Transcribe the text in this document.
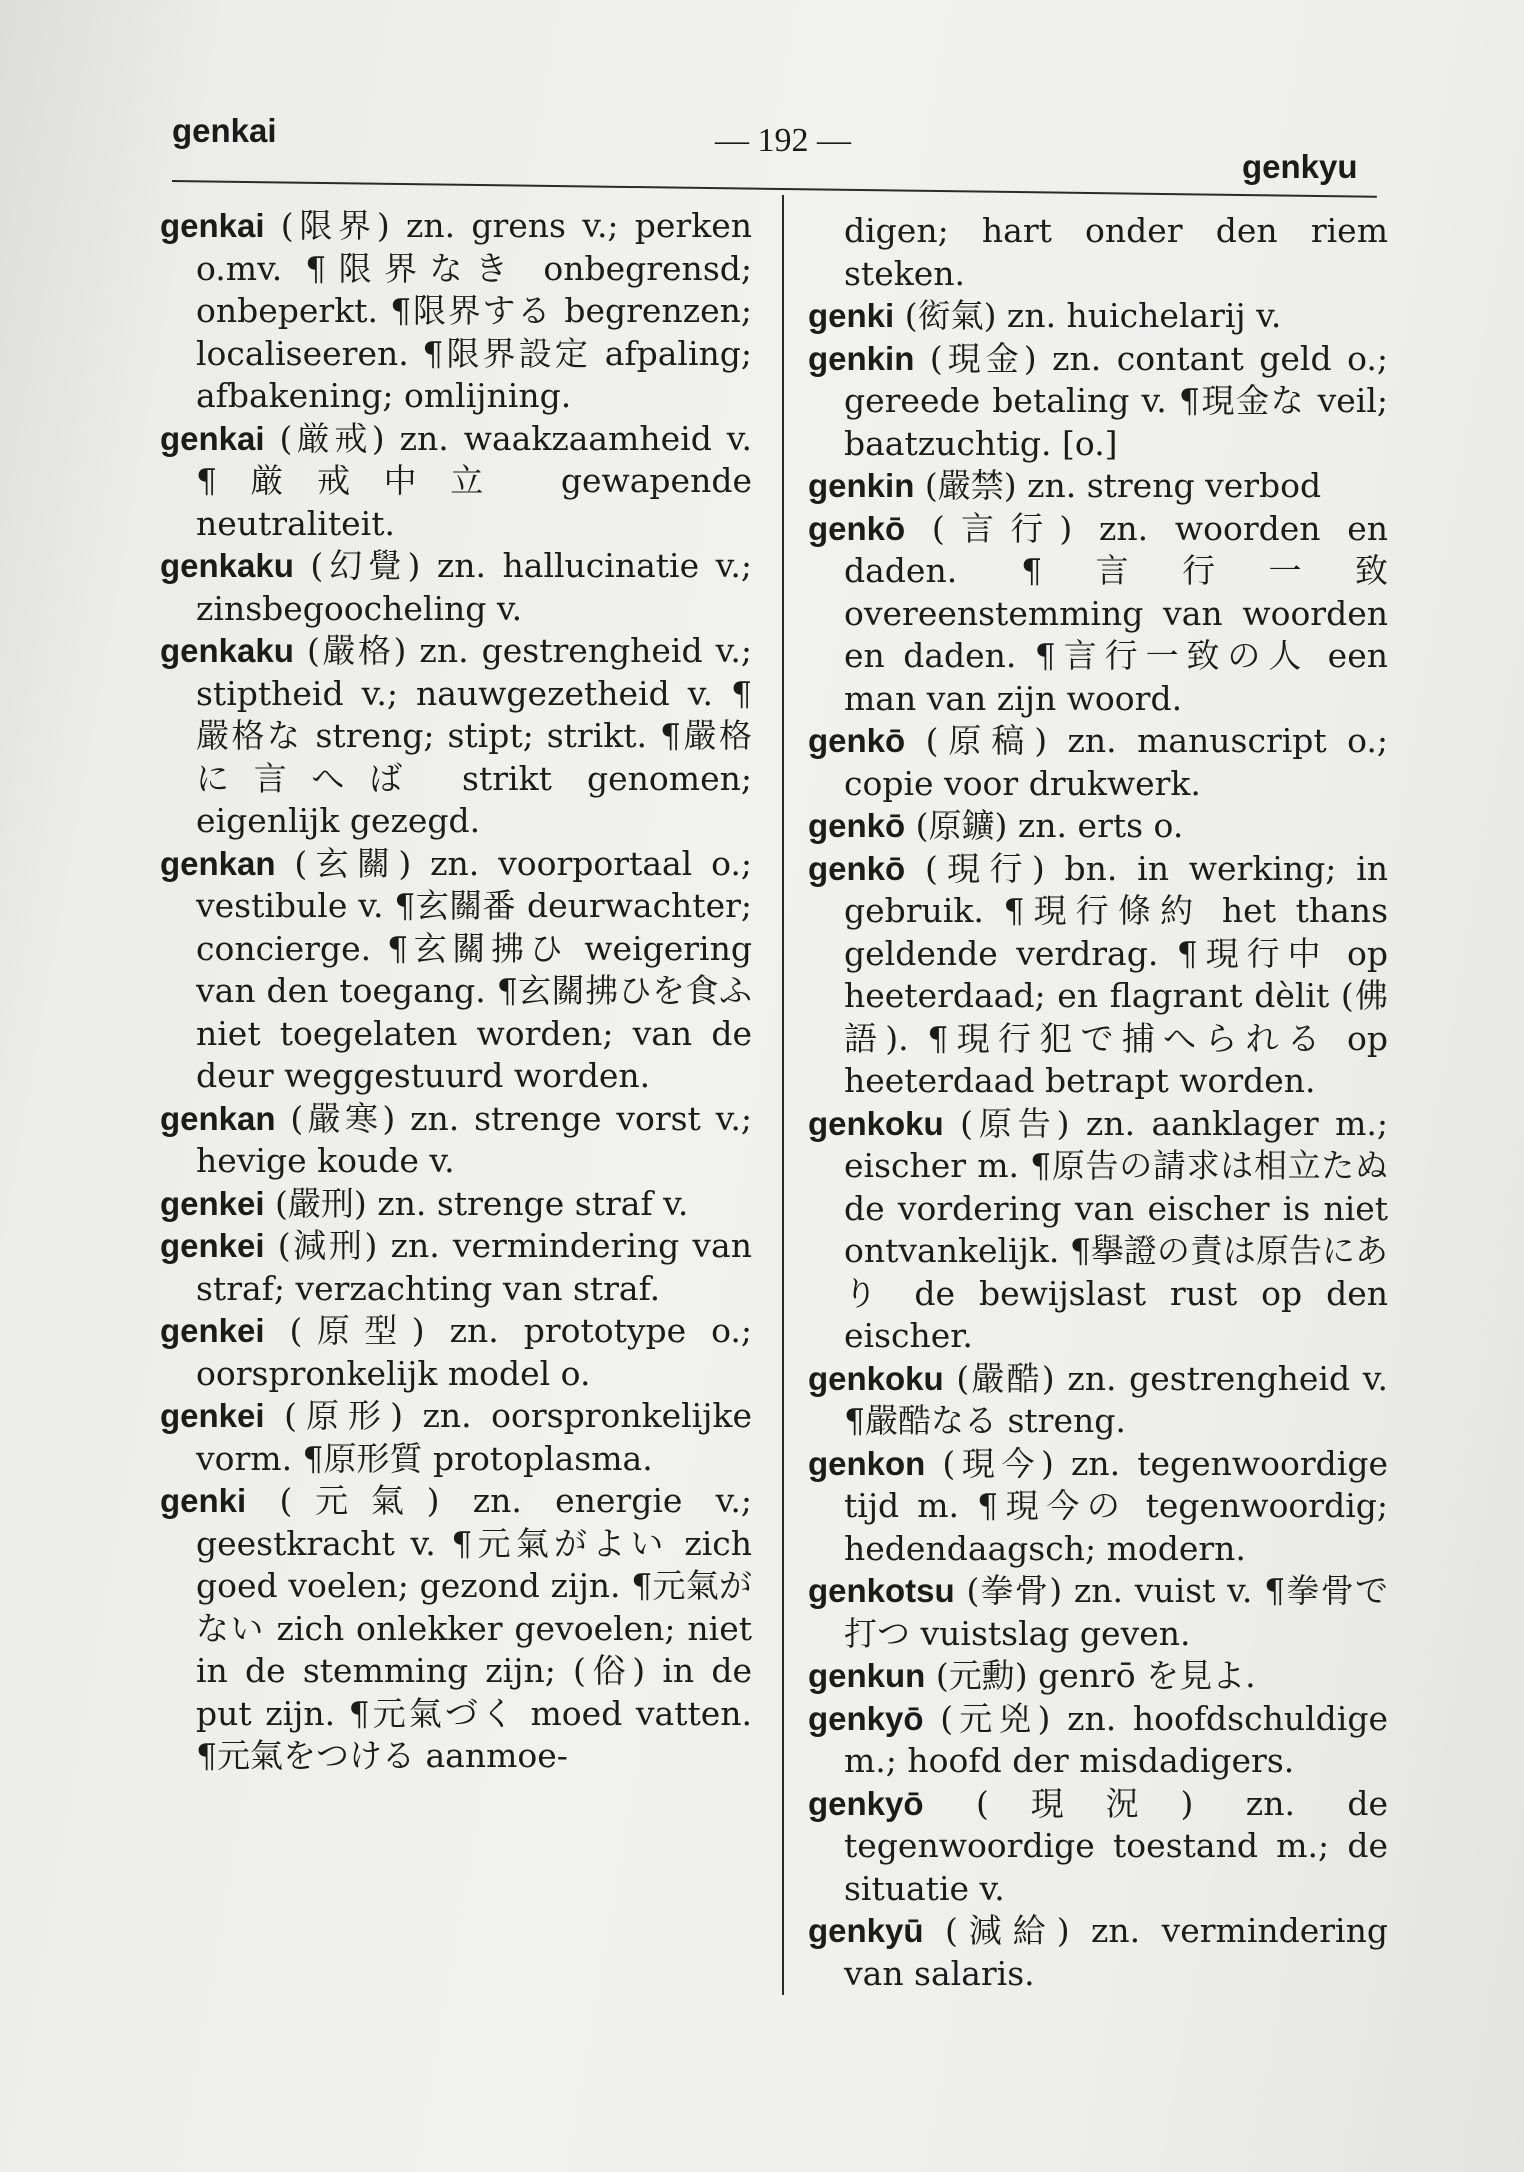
genkai	— 192 —
genkyu

genkai (限界) zn. grens v.; perken o.mv. ¶限界なき onbegrensd; onbeperkt. ¶限界する begrenzen; localiseeren. ¶限界設定 afpaling; afbakening; omlijning.

genkai (厳戒) zn. waakzaamheid v. ¶厳戒中立 gewapende neutraliteit.

genkaku (幻覺) zn. hallucinatie v.; zinsbegoocheling v.

genkaku (嚴格) zn. gestrengheid v.; stiptheid v.; nauwgezetheid v. ¶嚴格な streng; stipt; strikt. ¶嚴格に言へば strikt genomen; eigenlijk gezegd.

genkan (玄關) zn. voorportaal o.; vestibule v. ¶玄關番 deurwachter; concierge. ¶玄關拂ひ weigering van den toegang. ¶玄關拂ひを食ふ niet toegelaten worden; van de deur weggestuurd worden.

genkan (嚴寒) zn. strenge vorst v.; hevige koude v.

genkei (嚴刑) zn. strenge straf v.

genkei (減刑) zn. vermindering van straf; verzachting van straf.

genkei (原型) zn. prototype o.; oorspronkelijk model o.

genkei (原形) zn. oorspronkelijke vorm. ¶原形質 protoplasma.

genki (元氣) zn. energie v.; geestkracht v. ¶元氣がよい zich goed voelen; gezond zijn. ¶元氣がない zich onlekker gevoelen; niet in de stemming zijn; (俗) in de put zijn. ¶元氣づく moed vatten. ¶元氣をつける aanmoe-

digen; hart onder den riem steken.

genki (衒氣) zn. huichelarij v.

genkin (現金) zn. contant geld o.; gereede betaling v. ¶現金な veil; baatzuchtig. [o.]

genkin (嚴禁) zn. streng verbod

genkō (言行) zn. woorden en daden. ¶言行一致 overeenstemming van woorden en daden. ¶言行一致の人 een man van zijn woord.

genkō (原稿) zn. manuscript o.; copie voor drukwerk.

genkō (原鑛) zn. erts o.

genkō (現行) bn. in werking; in gebruik. ¶現行條約 het thans geldende verdrag. ¶現行中 op heeterdaad; en flagrant dèlit (佛語). ¶現行犯で捕へられる op heeterdaad betrapt worden.

genkoku (原告) zn. aanklager m.; eischer m. ¶原告の請求は相立たぬ de vordering van eischer is niet ontvankelijk. ¶擧證の責は原告にあり de bewijslast rust op den eischer.

genkoku (嚴酷) zn. gestrengheid v. ¶嚴酷なる streng.

genkon (現今) zn. tegenwoordige tijd m. ¶現今の tegenwoordig; hedendaagsch; modern.

genkotsu (拳骨) zn. vuist v. ¶拳骨で打つ vuistslag geven.

genkun (元勳) genrō を見よ.

genkyō (元兇) zn. hoofdschuldige m.; hoofd der misdadigers.

genkyō (現況) zn. de tegenwoordige toestand m.; de situatie v.

genkyū (減給) zn. vermindering van salaris.
